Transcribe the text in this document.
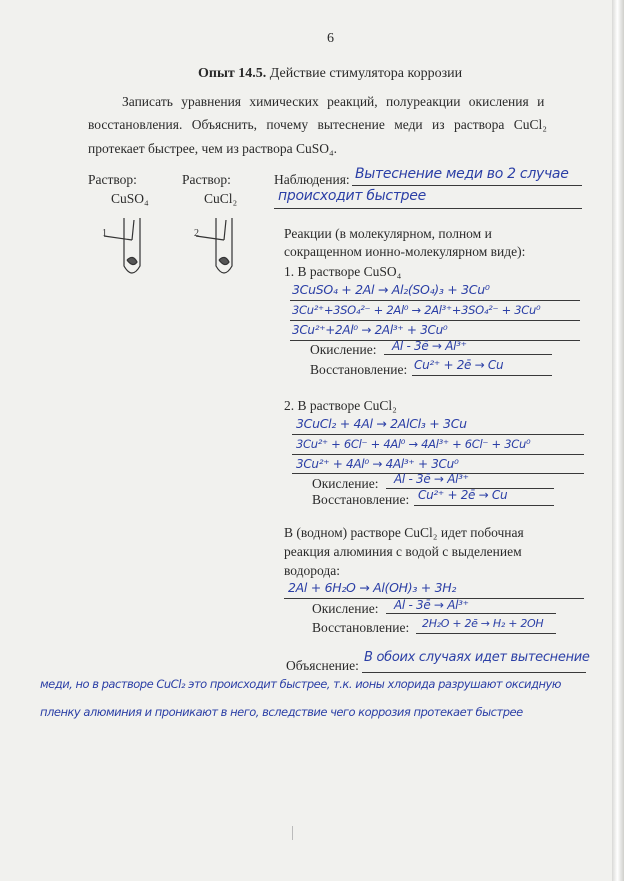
6
Опыт 14.5. Действие стимулятора коррозии
Записать уравнения химических реакций, полуреакции окисления и
восстановления. Объяснить, почему вытеснение меди из раствора CuCl₂
протекает быстрее, чем из раствора CuSO₄.
Раствор:
CuSO₄
Раствор:
CuCl₂
1	2
Наблюдения: Вытеснение меди во 2 случае
происходит быстрее
Реакции (в молекулярном, полном и
сокращенном ионно-молекулярном виде):
1. В растворе CuSO₄
3CuSO₄ + 2Al → Al₂(SO₄)₃ + 3Cu⁰
3Cu²⁺+3SO₄²⁻ + 2Al⁰ → 2Al³⁺+3SO₄²⁻ + 3Cu⁰
3Cu²⁺+2Al⁰ → 2Al³⁺ + 3Cu⁰
Окисление: Al - 3ē → Al³⁺
Восстановление: Cu²⁺ + 2ē → Cu
2. В растворе CuCl₂
3CuCl₂ + 4Al → 2AlCl₃ + 3Cu
3Cu²⁺ + 6Cl⁻ + 4Al⁰ → 4Al³⁺ + 6Cl⁻ + 3Cu⁰
3Cu²⁺ + 4Al⁰ → 4Al³⁺ + 3Cu⁰
Окисление: Al - 3ē → Al³⁺
Восстановление: Cu²⁺ + 2ē → Cu
В (водном) растворе CuCl₂ идет побочная
реакция алюминия с водой с выделением
водорода:
2Al + 6H₂O → Al(OH)₃ + 3H₂
Окисление: Al - 3ē → Al³⁺
Восстановление: 2H₂O + 2ē → H₂ + 2OH
Объяснение:
В обоих случаях идет вытеснение
меди, но в растворе CuCl₂ это происходит быстрее, т.к. ионы хлорида разрушают оксидную
пленку алюминия и проникают в него, вследствие чего коррозия протекает быстрее
